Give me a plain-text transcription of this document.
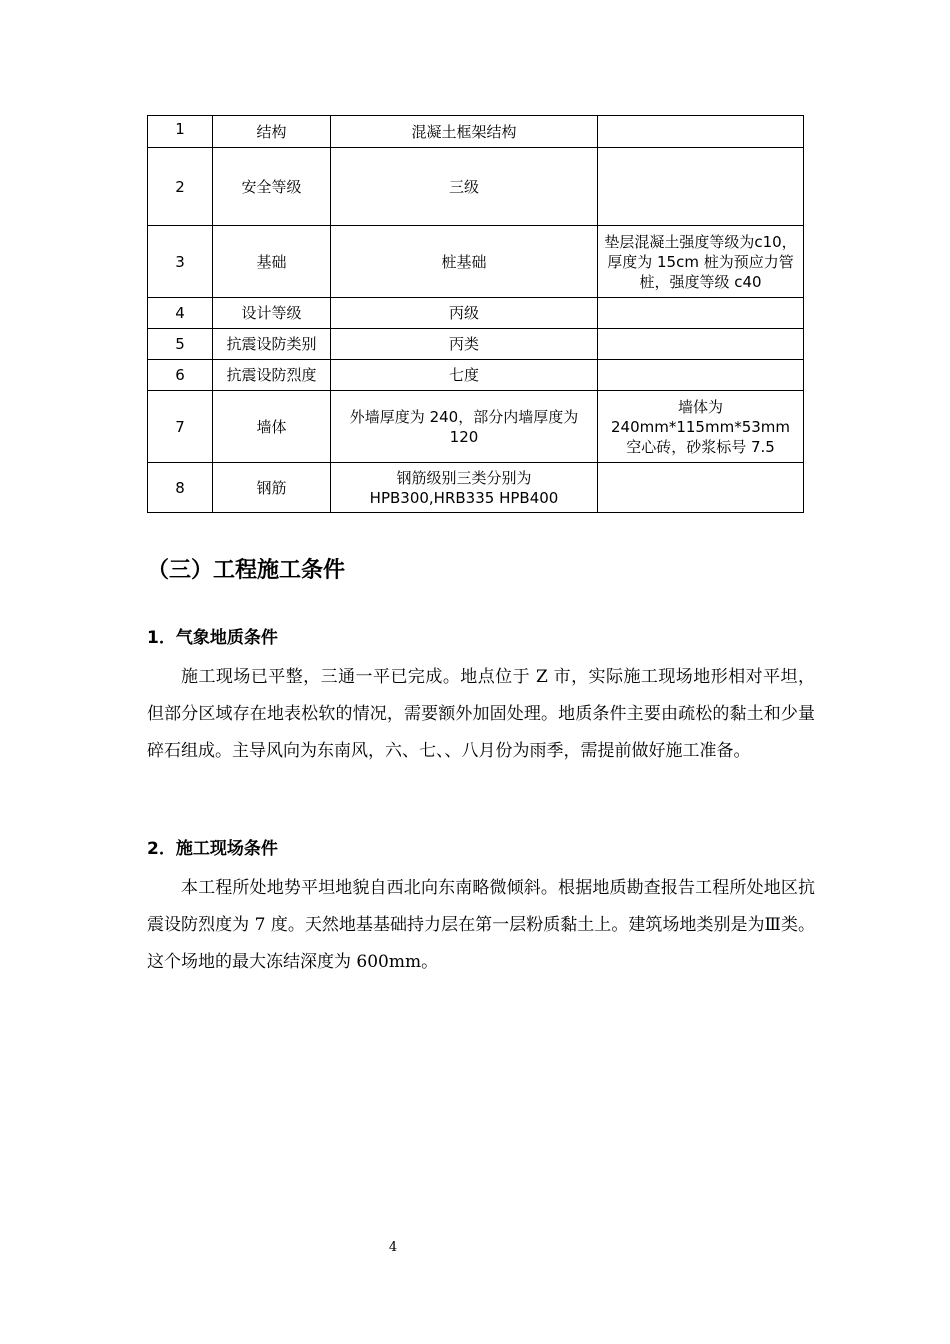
1	结构	混凝土框架结构	
2	安全等级	三级	
3	基础	桩基础	垫层混凝土强度等级为c10，厚度为 15cm 桩为预应力管桩，强度等级 c40
4	设计等级	丙级	
5	抗震设防类别	丙类	
6	抗震设防烈度	七度	
7	墙体	外墙厚度为 240，部分内墙厚度为 120	墙体为 240mm*115mm*53mm 空心砖，砂浆标号 7.5
8	钢筋	钢筋级别三类分别为 HPB300,HRB335 HPB400	
（三）工程施工条件
1．气象地质条件

施工现场已平整，三通一平已完成。地点位于 Z 市，实际施工现场地形相对平坦，但部分区域存在地表松软的情况，需要额外加固处理。地质条件主要由疏松的黏土和少量碎石组成。主导风向为东南风，六、七、、八月份为雨季，需提前做好施工准备。

2．施工现场条件

本工程所处地势平坦地貌自西北向东南略微倾斜。根据地质勘查报告工程所处地区抗震设防烈度为 7 度。天然地基基础持力层在第一层粉质黏土上。建筑场地类别是为Ⅲ类。这个场地的最大冻结深度为 600mm。

4
